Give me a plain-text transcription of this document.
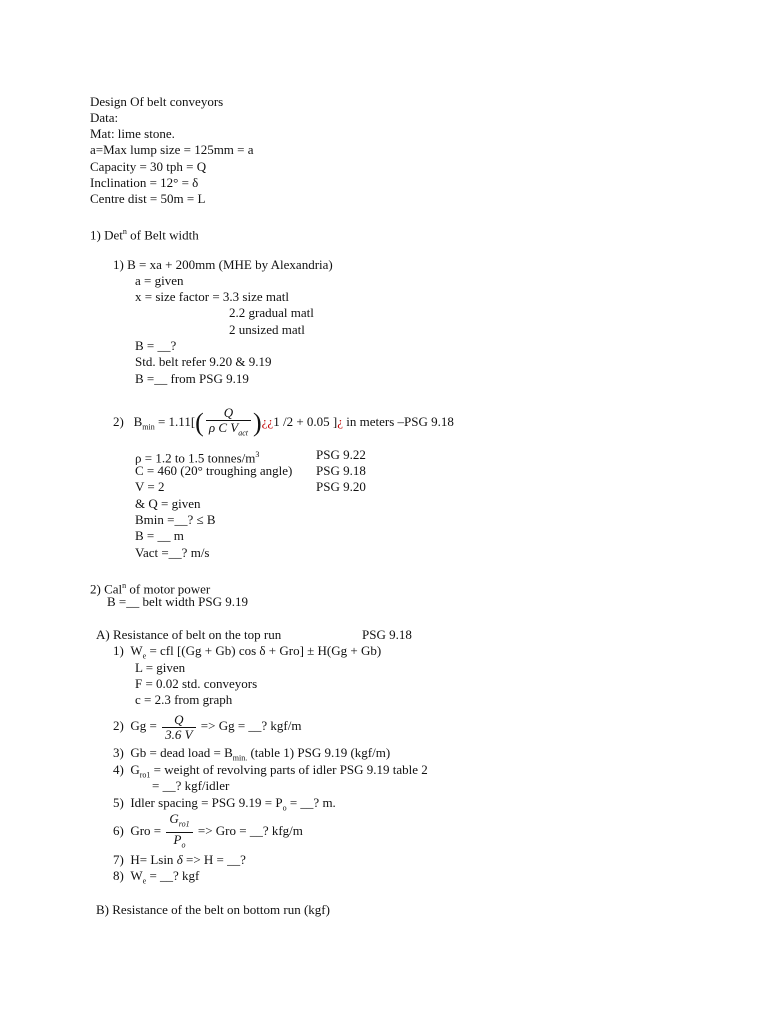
Design Of belt conveyors
Data:
Mat: lime stone.
a=Max lump size = 125mm = a
Capacity = 30 tph = Q
Inclination = 12° = δ
Centre dist = 50m = L
1) Det$^n$ of Belt width
1) B = xa + 200mm (MHE by Alexandria)
a = given
x = size factor = 3.3 size matl
2.2 gradual matl
2 unsized matl
B = __?
Std. belt refer 9.20 & 9.19
B =__ from PSG 9.19
2) $B_{min} = 1.11[( \frac{Q}{\rho C V_{act}}$ )¿¿1 /2 + 0.05 ]¿ in meters –PSG 9.18
ρ = 1.2 to 1.5 tonnes/$m^3$	PSG 9.22
C = 460 (20° troughing angle) PSG 9.18
V = 2	PSG 9.20
& Q = given
Bmin =__? ≤ B
B = __ m
Vact =__? m/s
2) Cal$^n$ of motor power
B =__ belt width PSG 9.19
A) Resistance of belt on the top run	PSG 9.18
1) $W_e$ = cfl [(Gg + Gb) cos δ + Gro] ± H(Gg + Gb)
L = given
F = 0.02 std. conveyors
c = 2.3 from graph
2) $Gg = \frac{Q}{3.6 V} => Gg$ = __? kgf/m
3) Gb = dead load = $B_{min.}$ (table 1) PSG 9.19 (kgf/m)
4) $G_{ro1}$ = weight of revolving parts of idler PSG 9.19 table 2
= __? kgf/idler
5) Idler spacing = PSG $9.19 = P_o$ = __? m.
6) Gro = $\frac{G_{ro1}}{P_o}$ => Gro = __? kfg/m
7) H= Lsin δ => H = __?
8) $W_e$ = __? kgf
B) Resistance of the belt on bottom run (kgf)
